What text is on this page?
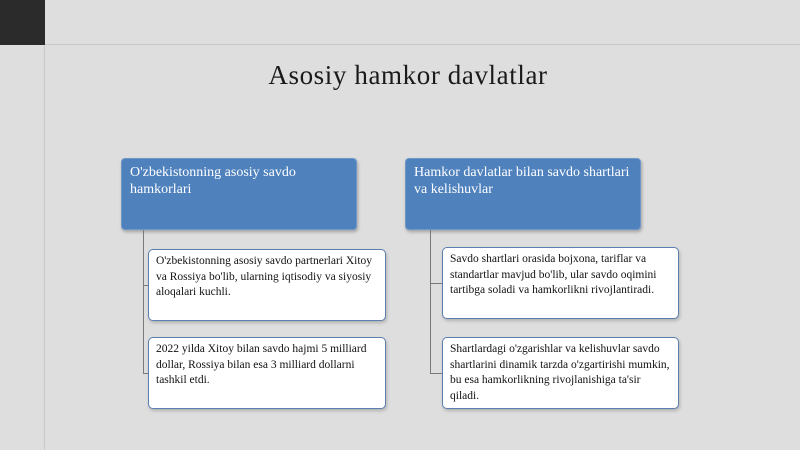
Asosiy hamkor davlatlar
O'zbekistonning asosiy savdo hamkorlari
O'zbekistonning asosiy savdo partnerlari Xitoy va Rossiya bo'lib, ularning iqtisodiy va siyosiy aloqalari kuchli.
2022 yilda Xitoy bilan savdo hajmi 5 milliard dollar, Rossiya bilan esa 3 milliard dollarni tashkil etdi.
Hamkor davlatlar bilan savdo shartlari va kelishuvlar
Savdo shartlari orasida bojxona, tariflar va standartlar mavjud bo'lib, ular savdo oqimini tartibga soladi va hamkorlikni rivojlantiradi.
Shartlardagi o'zgarishlar va kelishuvlar savdo shartlarini dinamik tarzda o'zgartirishi mumkin, bu esa hamkorlikning rivojlanishiga ta'sir qiladi.
